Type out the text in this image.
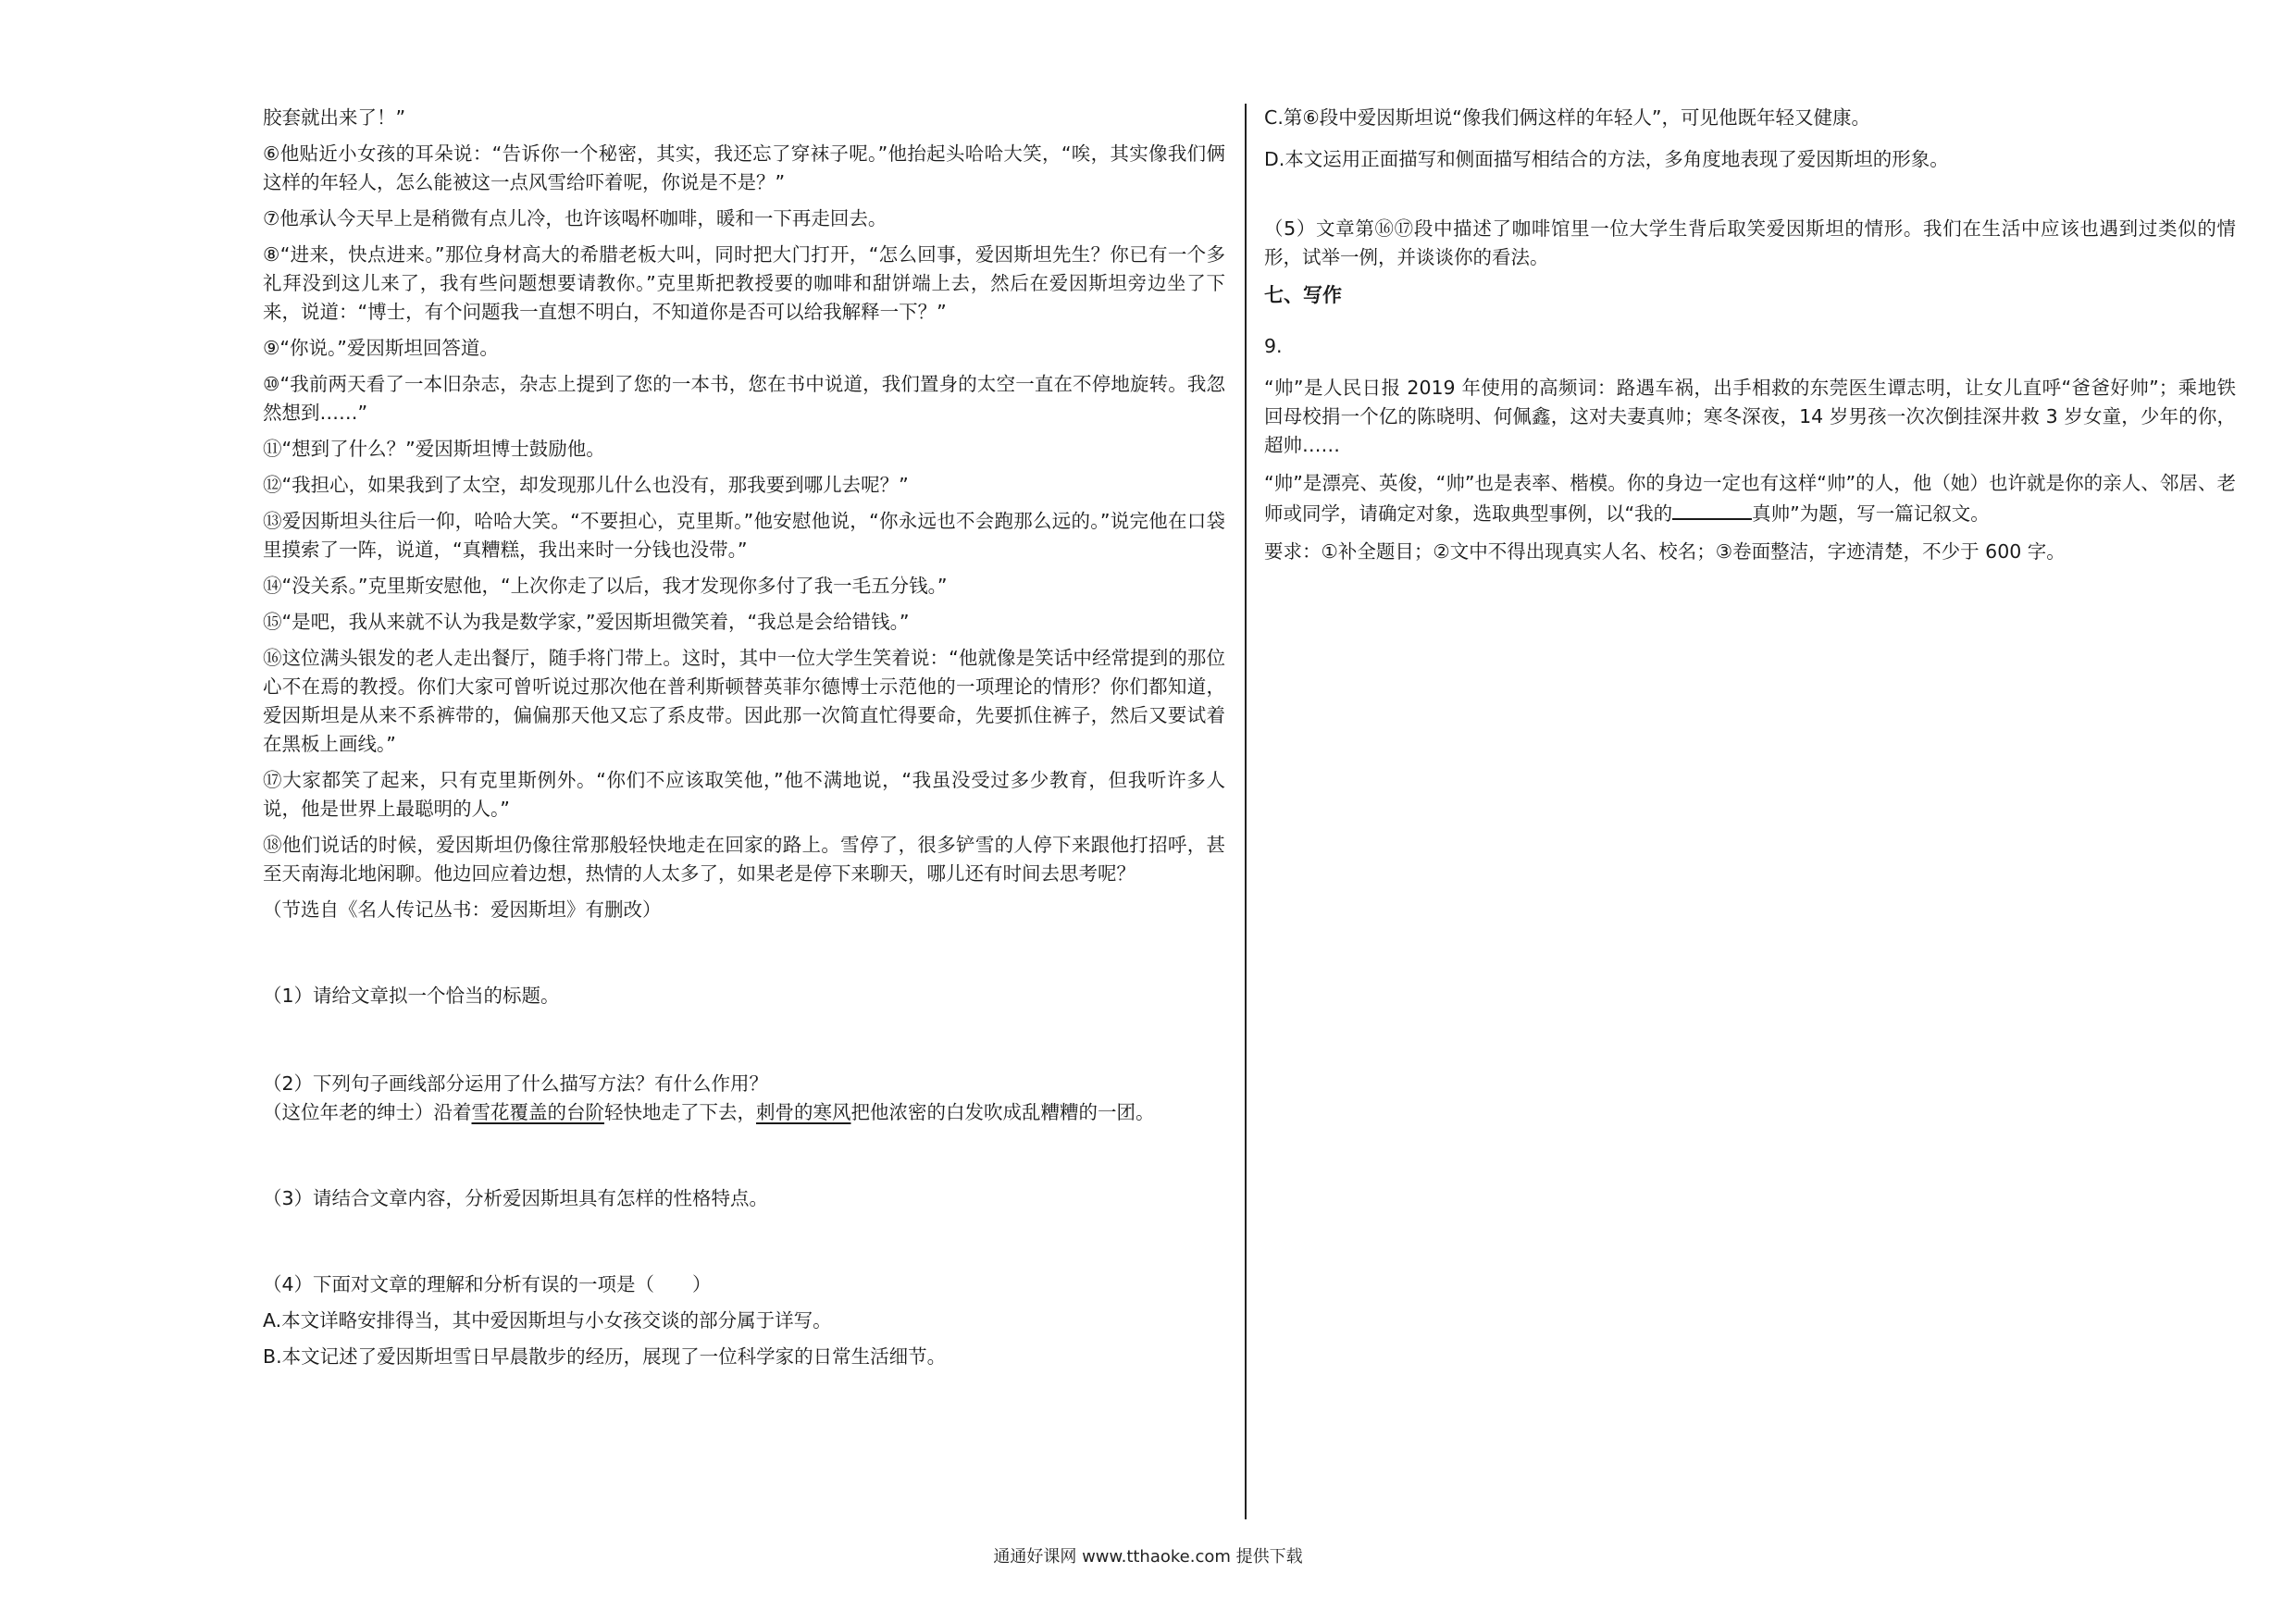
胶套就出来了！”

⑥他贴近小女孩的耳朵说：“告诉你一个秘密，其实，我还忘了穿袜子呢。”他抬起头哈哈大笑，“唉，其实像我们俩这样的年轻人，怎么能被这一点风雪给吓着呢，你说是不是？”

⑦他承认今天早上是稍微有点儿冷，也许该喝杯咖啡，暖和一下再走回去。

⑧“进来，快点进来。”那位身材高大的希腊老板大叫，同时把大门打开，“怎么回事，爱因斯坦先生？你已有一个多礼拜没到这儿来了，我有些问题想要请教你。”克里斯把教授要的咖啡和甜饼端上去，然后在爱因斯坦旁边坐了下来，说道：“博士，有个问题我一直想不明白，不知道你是否可以给我解释一下？”

⑨“你说。”爱因斯坦回答道。

⑩“我前两天看了一本旧杂志，杂志上提到了您的一本书，您在书中说道，我们置身的太空一直在不停地旋转。我忽然想到……”

⑪“想到了什么？”爱因斯坦博士鼓励他。

⑫“我担心，如果我到了太空，却发现那儿什么也没有，那我要到哪儿去呢？”

⑬爱因斯坦头往后一仰，哈哈大笑。“不要担心，克里斯。”他安慰他说，“你永远也不会跑那么远的。”说完他在口袋里摸索了一阵，说道，“真糟糕，我出来时一分钱也没带。”

⑭“没关系。”克里斯安慰他，“上次你走了以后，我才发现你多付了我一毛五分钱。”

⑮“是吧，我从来就不认为我是数学家，”爱因斯坦微笑着，“我总是会给错钱。”

⑯这位满头银发的老人走出餐厅，随手将门带上。这时，其中一位大学生笑着说：“他就像是笑话中经常提到的那位心不在焉的教授。你们大家可曾听说过那次他在普利斯顿替英菲尔德博士示范他的一项理论的情形？你们都知道，爱因斯坦是从来不系裤带的，偏偏那天他又忘了系皮带。因此那一次简直忙得要命，先要抓住裤子，然后又要试着在黑板上画线。”

⑰大家都笑了起来，只有克里斯例外。“你们不应该取笑他，”他不满地说，“我虽没受过多少教育，但我听许多人说，他是世界上最聪明的人。”

⑱他们说话的时候，爱因斯坦仍像往常那般轻快地走在回家的路上。雪停了，很多铲雪的人停下来跟他打招呼，甚至天南海北地闲聊。他边回应着边想，热情的人太多了，如果老是停下来聊天，哪儿还有时间去思考呢？

（节选自《名人传记丛书：爱因斯坦》有删改）

（1）请给文章拟一个恰当的标题。

（2）下列句子画线部分运用了什么描写方法？有什么作用？

（这位年老的绅士）沿着雪花覆盖的台阶轻快地走了下去，刺骨的寒风把他浓密的白发吹成乱糟糟的一团。

（3）请结合文章内容，分析爱因斯坦具有怎样的性格特点。

（4）下面对文章的理解和分析有误的一项是（　　）

A.本文详略安排得当，其中爱因斯坦与小女孩交谈的部分属于详写。

B.本文记述了爱因斯坦雪日早晨散步的经历，展现了一位科学家的日常生活细节。

C.第⑥段中爱因斯坦说“像我们俩这样的年轻人”，可见他既年轻又健康。

D.本文运用正面描写和侧面描写相结合的方法，多角度地表现了爱因斯坦的形象。

（5）文章第⑯⑰段中描述了咖啡馆里一位大学生背后取笑爱因斯坦的情形。我们在生活中应该也遇到过类似的情形，试举一例，并谈谈你的看法。

七、写作

9.

“帅”是人民日报 2019 年使用的高频词：路遇车祸，出手相救的东莞医生谭志明，让女儿直呼“爸爸好帅”；乘地铁回母校捐一个亿的陈晓明、何佩鑫，这对夫妻真帅；寒冬深夜，14 岁男孩一次次倒挂深井救 3 岁女童，少年的你，超帅……

“帅”是漂亮、英俊，“帅”也是表率、楷模。你的身边一定也有这样“帅”的人，他（她）也许就是你的亲人、邻居、老师或同学，请确定对象，选取典型事例，以“我的	真帅”为题，写一篇记叙文。

要求：①补全题目；②文中不得出现真实人名、校名；③卷面整洁，字迹清楚，不少于 600 字。

通通好课网 www.tthaoke.com 提供下载
